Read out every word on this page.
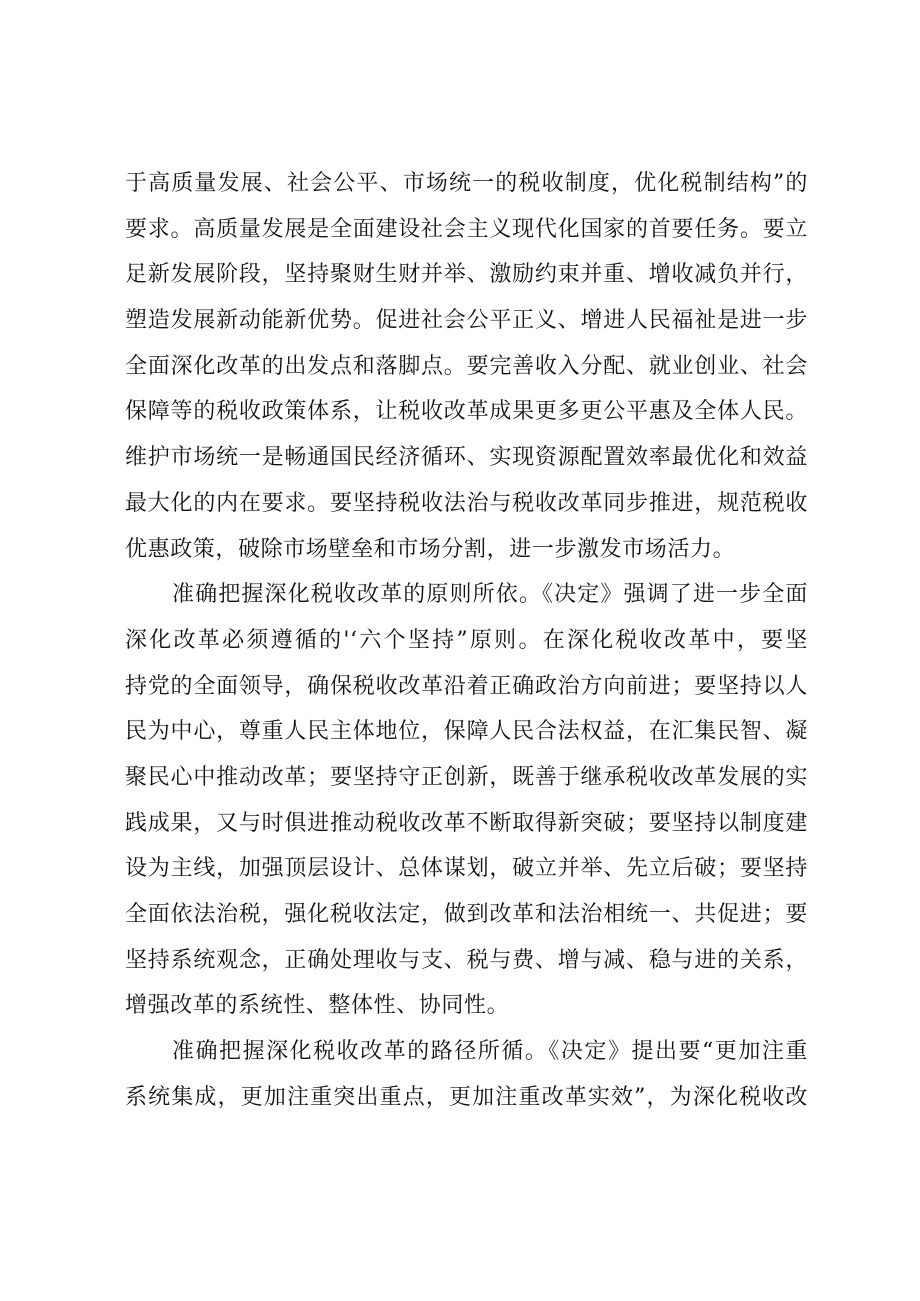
于高质量发展、社会公平、市场统一的税收制度，优化税制结构”的
要求。高质量发展是全面建设社会主义现代化国家的首要任务。要立
足新发展阶段，坚持聚财生财并举、激励约束并重、增收减负并行，
塑造发展新动能新优势。促进社会公平正义、增进人民福祉是进一步
全面深化改革的出发点和落脚点。要完善收入分配、就业创业、社会
保障等的税收政策体系，让税收改革成果更多更公平惠及全体人民。
维护市场统一是畅通国民经济循环、实现资源配置效率最优化和效益
最大化的内在要求。要坚持税收法治与税收改革同步推进，规范税收
优惠政策，破除市场壁垒和市场分割，进一步激发市场活力。
准确把握深化税收改革的原则所依。《决定》强调了进一步全面
深化改革必须遵循的'‘六个坚持”原则。在深化税收改革中，要坚
持党的全面领导，确保税收改革沿着正确政治方向前进；要坚持以人
民为中心，尊重人民主体地位，保障人民合法权益，在汇集民智、凝
聚民心中推动改革；要坚持守正创新，既善于继承税收改革发展的实
践成果，又与时俱进推动税收改革不断取得新突破；要坚持以制度建
设为主线，加强顶层设计、总体谋划，破立并举、先立后破；要坚持
全面依法治税，强化税收法定，做到改革和法治相统一、共促进；要
坚持系统观念，正确处理收与支、税与费、增与减、稳与进的关系，
增强改革的系统性、整体性、协同性。
准确把握深化税收改革的路径所循。《决定》提出要“更加注重
系统集成，更加注重突出重点，更加注重改革实效”，为深化税收改
